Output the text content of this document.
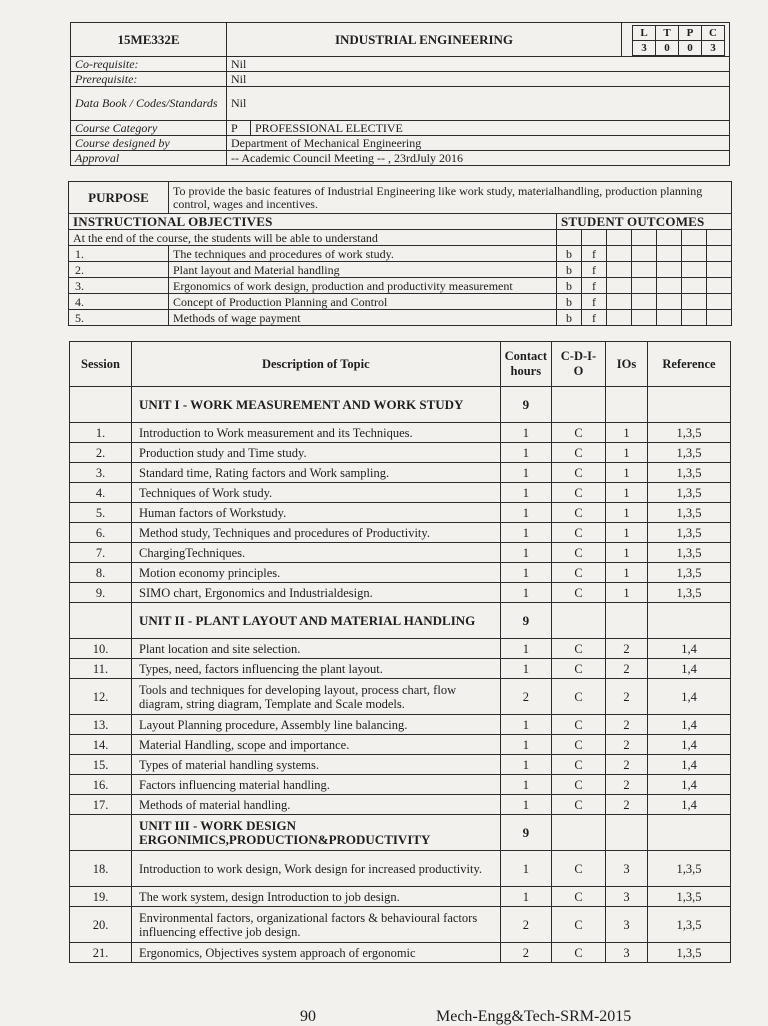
15ME332E	INDUSTRIAL ENGINEERING		L	T	P	C
3	0	0	3
Co-requisite:	Nil
Prerequisite:	Nil
Data Book / Codes/Standards	Nil
Course Category	P	PROFESSIONAL ELECTIVE
Course designed by	Department of Mechanical Engineering
Approval	-- Academic Council Meeting -- , 23rdJuly 2016
PURPOSE	To provide the basic features of Industrial Engineering like work study, materialhandling, production planning control, wages and incentives.							
INSTRUCTIONAL OBJECTIVES		STUDENT OUTCOMES						
At the end of the course, the students will be able to understand								
1.	The techniques and procedures of work study.	b	f					
2.	Plant layout and Material handling	b	f					
3.	Ergonomics of work design, production and productivity measurement	b	f					
4.	Concept of Production Planning and Control	b	f					
5.	Methods of wage payment	b	f					
Session	Description of Topic	Contact hours	C-D-I-O	IOs	Reference
	UNIT I - WORK MEASUREMENT AND WORK STUDY	9			
1.	Introduction to Work measurement and its Techniques.	1	C	1	1,3,5
2.	Production study and Time study.	1	C	1	1,3,5
3.	Standard time, Rating factors and Work sampling.	1	C	1	1,3,5
4.	Techniques of Work study.	1	C	1	1,3,5
5.	Human factors of Workstudy.	1	C	1	1,3,5
6.	Method study, Techniques and procedures of Productivity.	1	C	1	1,3,5
7.	ChargingTechniques.	1	C	1	1,3,5
8.	Motion economy principles.	1	C	1	1,3,5
9.	SIMO chart, Ergonomics and Industrialdesign.	1	C	1	1,3,5
	UNIT II - PLANT LAYOUT AND MATERIAL HANDLING	9			
10.	Plant location and site selection.	1	C	2	1,4
11.	Types, need, factors influencing the plant layout.	1	C	2	1,4
12.	Tools and techniques for developing layout, process chart, flow diagram, string diagram, Template and Scale models.	2	C	2	1,4
13.	Layout Planning procedure, Assembly line balancing.	1	C	2	1,4
14.	Material Handling, scope and importance.	1	C	2	1,4
15.	Types of material handling systems.	1	C	2	1,4
16.	Factors influencing material handling.	1	C	2	1,4
17.	Methods of material handling.	1	C	2	1,4
	UNIT III - WORK DESIGN ERGONIMICS,PRODUCTION&PRODUCTIVITY	9			
18.	Introduction to work design, Work design for increased productivity.	1	C	3	1,3,5
19.	The work system, design Introduction to job design.	1	C	3	1,3,5
20.	Environmental factors, organizational factors & behavioural factors influencing effective job design.	2	C	3	1,3,5
21.	Ergonomics, Objectives system approach of ergonomic	2	C	3	1,3,5
90	Mech-Engg&Tech-SRM-2015
